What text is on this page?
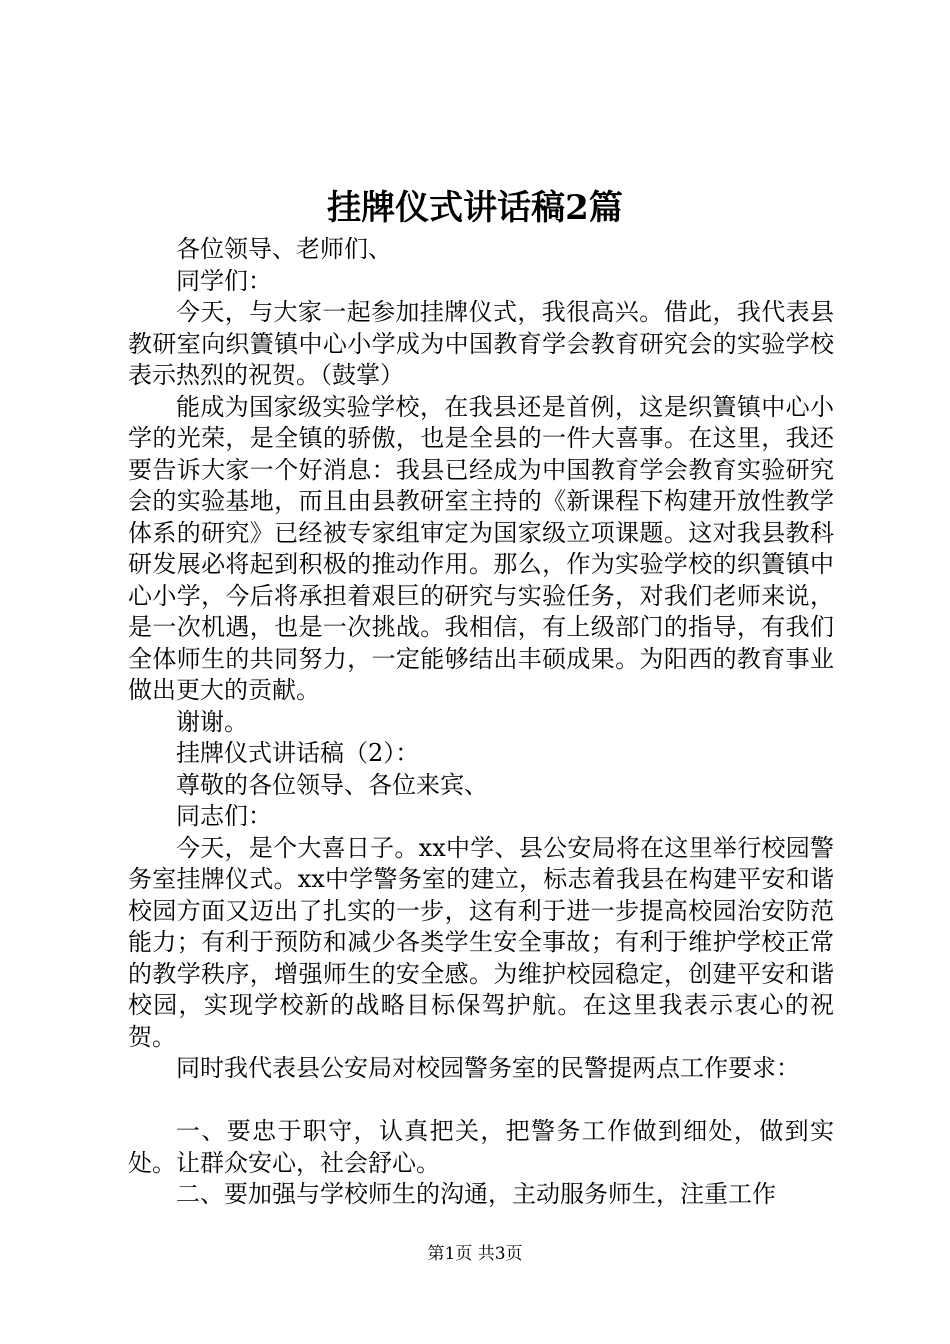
挂牌仪式讲话稿2篇

各位领导、老师们、

同学们：

今天，与大家一起参加挂牌仪式，我很高兴。借此，我代表县教研室向织簀镇中心小学成为中国教育学会教育研究会的实验学校表示热烈的祝贺。（鼓掌）

能成为国家级实验学校，在我县还是首例，这是织簀镇中心小学的光荣，是全镇的骄傲，也是全县的一件大喜事。在这里，我还要告诉大家一个好消息：我县已经成为中国教育学会教育实验研究会的实验基地，而且由县教研室主持的《新课程下构建开放性教学体系的研究》已经被专家组审定为国家级立项课题。这对我县教科研发展必将起到积极的推动作用。那么，作为实验学校的织簀镇中心小学，今后将承担着艰巨的研究与实验任务，对我们老师来说，是一次机遇，也是一次挑战。我相信，有上级部门的指导，有我们全体师生的共同努力，一定能够结出丰硕成果。为阳西的教育事业做出更大的贡献。

谢谢。

挂牌仪式讲话稿（2）：

尊敬的各位领导、各位来宾、

同志们：

今天，是个大喜日子。xx中学、县公安局将在这里举行校园警务室挂牌仪式。xx中学警务室的建立，标志着我县在构建平安和谐校园方面又迈出了扎实的一步，这有利于进一步提高校园治安防范能力；有利于预防和减少各类学生安全事故；有利于维护学校正常的教学秩序，增强师生的安全感。为维护校园稳定，创建平安和谐校园，实现学校新的战略目标保驾护航。在这里我表示衷心的祝贺。

同时我代表县公安局对校园警务室的民警提两点工作要求：

一、要忠于职守，认真把关，把警务工作做到细处，做到实处。让群众安心，社会舒心。

二、要加强与学校师生的沟通，主动服务师生，注重工作

第1页 共3页
